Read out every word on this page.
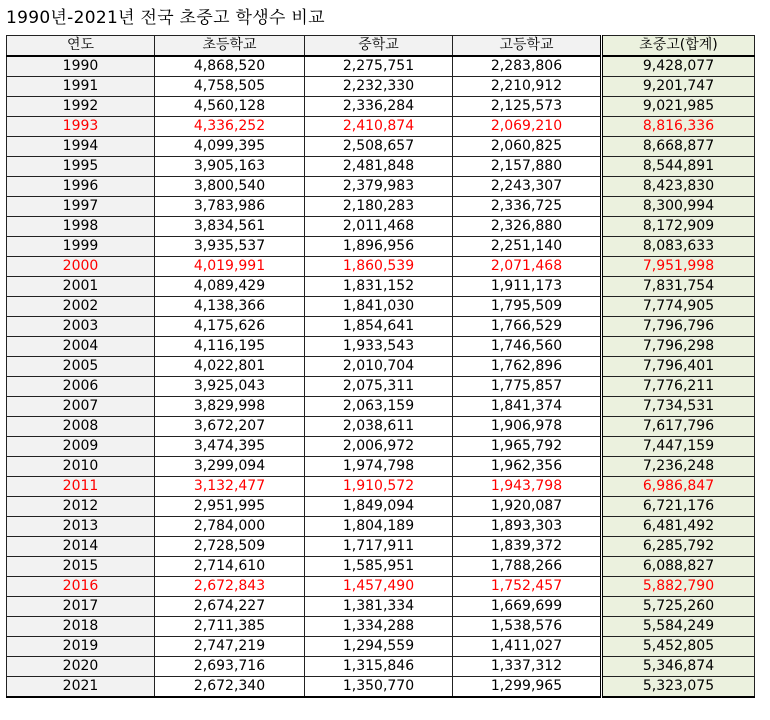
1990년-2021년 전국 초중고 학생수 비교
연도	초등학교	중학교	고등학교	초중고(합계)
1990	4,868,520	2,275,751	2,283,806	9,428,077
1991	4,758,505	2,232,330	2,210,912	9,201,747
1992	4,560,128	2,336,284	2,125,573	9,021,985
1993	4,336,252	2,410,874	2,069,210	8,816,336
1994	4,099,395	2,508,657	2,060,825	8,668,877
1995	3,905,163	2,481,848	2,157,880	8,544,891
1996	3,800,540	2,379,983	2,243,307	8,423,830
1997	3,783,986	2,180,283	2,336,725	8,300,994
1998	3,834,561	2,011,468	2,326,880	8,172,909
1999	3,935,537	1,896,956	2,251,140	8,083,633
2000	4,019,991	1,860,539	2,071,468	7,951,998
2001	4,089,429	1,831,152	1,911,173	7,831,754
2002	4,138,366	1,841,030	1,795,509	7,774,905
2003	4,175,626	1,854,641	1,766,529	7,796,796
2004	4,116,195	1,933,543	1,746,560	7,796,298
2005	4,022,801	2,010,704	1,762,896	7,796,401
2006	3,925,043	2,075,311	1,775,857	7,776,211
2007	3,829,998	2,063,159	1,841,374	7,734,531
2008	3,672,207	2,038,611	1,906,978	7,617,796
2009	3,474,395	2,006,972	1,965,792	7,447,159
2010	3,299,094	1,974,798	1,962,356	7,236,248
2011	3,132,477	1,910,572	1,943,798	6,986,847
2012	2,951,995	1,849,094	1,920,087	6,721,176
2013	2,784,000	1,804,189	1,893,303	6,481,492
2014	2,728,509	1,717,911	1,839,372	6,285,792
2015	2,714,610	1,585,951	1,788,266	6,088,827
2016	2,672,843	1,457,490	1,752,457	5,882,790
2017	2,674,227	1,381,334	1,669,699	5,725,260
2018	2,711,385	1,334,288	1,538,576	5,584,249
2019	2,747,219	1,294,559	1,411,027	5,452,805
2020	2,693,716	1,315,846	1,337,312	5,346,874
2021	2,672,340	1,350,770	1,299,965	5,323,075
